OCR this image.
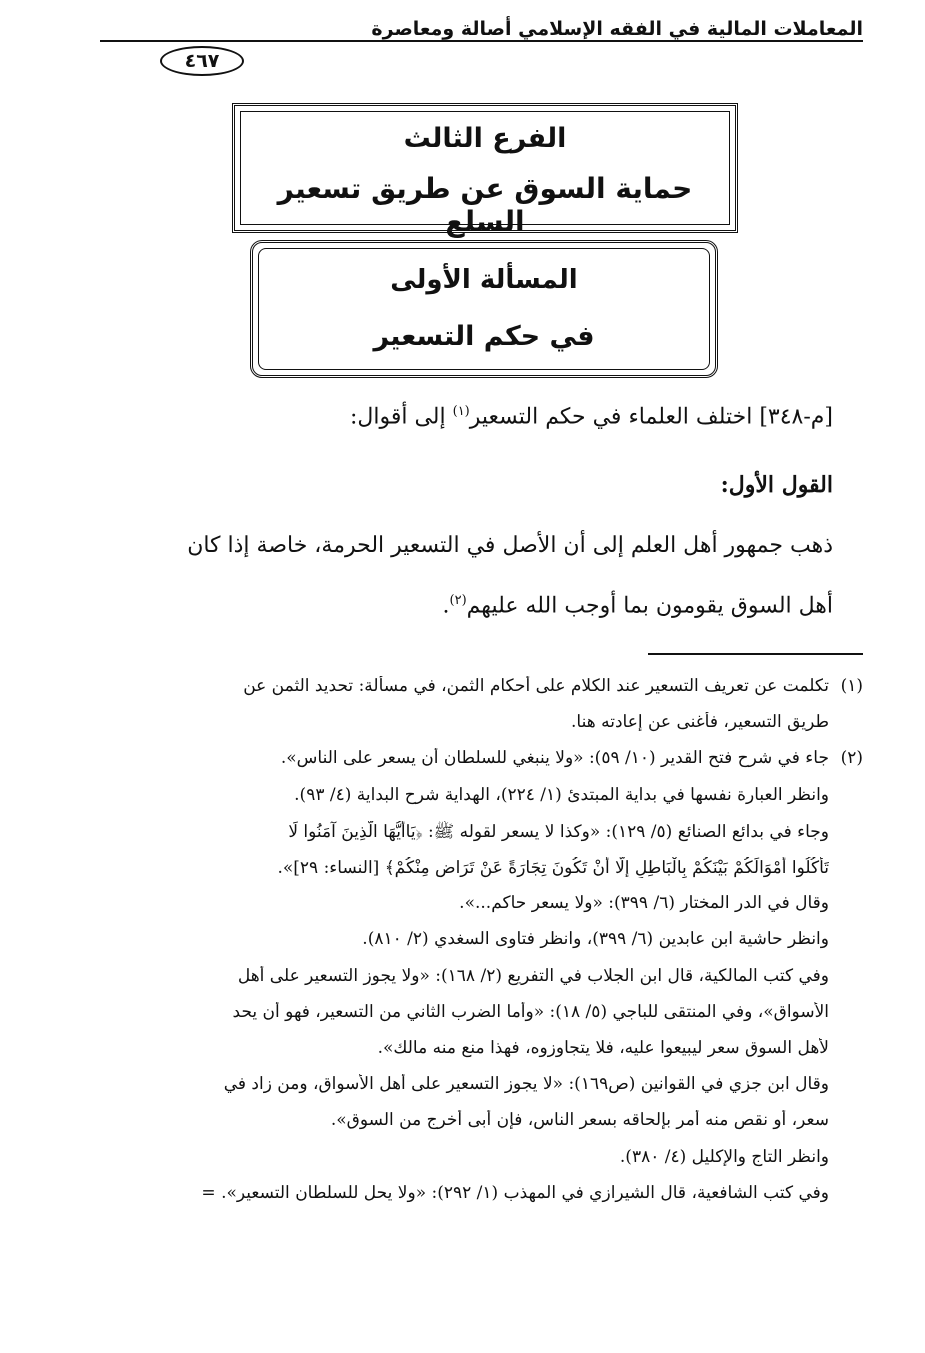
المعاملات المالية في الفقه الإسلامي أصالة ومعاصرة
٤٦٧
الفرع الثالث
حماية السوق عن طريق تسعير السلع
المسألة الأولى
في حكم التسعير
[م-٣٤٨] اختلف العلماء في حكم التسعير$^{(١)}$ إلى أقوال:
القول الأول:
ذهب جمهور أهل العلم إلى أن الأصل في التسعير الحرمة، خاصة إذا كان
أهل السوق يقومون بما أوجب الله عليهم$^{(٢)}$.
(١)تكلمت عن تعريف التسعير عند الكلام على أحكام الثمن، في مسألة: تحديد الثمن عن
طريق التسعير، فأغنى عن إعادته هنا.
(٢)جاء في شرح فتح القدير (١٠/ ٥٩): «ولا ينبغي للسلطان أن يسعر على الناس».
وانظر العبارة نفسها في بداية المبتدئ (١/ ٢٢٤)، الهداية شرح البداية (٤/ ٩٣).
وجاء في بدائع الصنائع (٥/ ١٢٩): «وكذا لا يسعر لقوله ﷺ: ﴿يَاأَيُّهَا الَّذِينَ آمَنُوا لَا
تَأْكُلُوا أَمْوَالَكُمْ بَيْنَكُمْ بِالْبَاطِلِ إِلَّا أَنْ تَكُونَ تِجَارَةً عَنْ تَرَاضٍ مِنْكُمْ﴾ [النساء: ٢٩]».
وقال في الدر المختار (٦/ ٣٩٩): «ولا يسعر حاكم...».
وانظر حاشية ابن عابدين (٦/ ٣٩٩)، وانظر فتاوى السغدي (٢/ ٨١٠).
وفي كتب المالكية، قال ابن الجلاب في التفريع (٢/ ١٦٨): «ولا يجوز التسعير على أهل
الأسواق»، وفي المنتقى للباجي (٥/ ١٨): «وأما الضرب الثاني من التسعير، فهو أن يحد
لأهل السوق سعر ليبيعوا عليه، فلا يتجاوزوه، فهذا منع منه مالك».
وقال ابن جزي في القوانين (ص١٦٩): «لا يجوز التسعير على أهل الأسواق، ومن زاد في
سعر، أو نقص منه أمر بإلحاقه بسعر الناس، فإن أبى أخرج من السوق».
وانظر التاج والإكليل (٤/ ٣٨٠).
وفي كتب الشافعية، قال الشيرازي في المهذب (١/ ٢٩٢): «ولا يحل للسلطان التسعير». =
